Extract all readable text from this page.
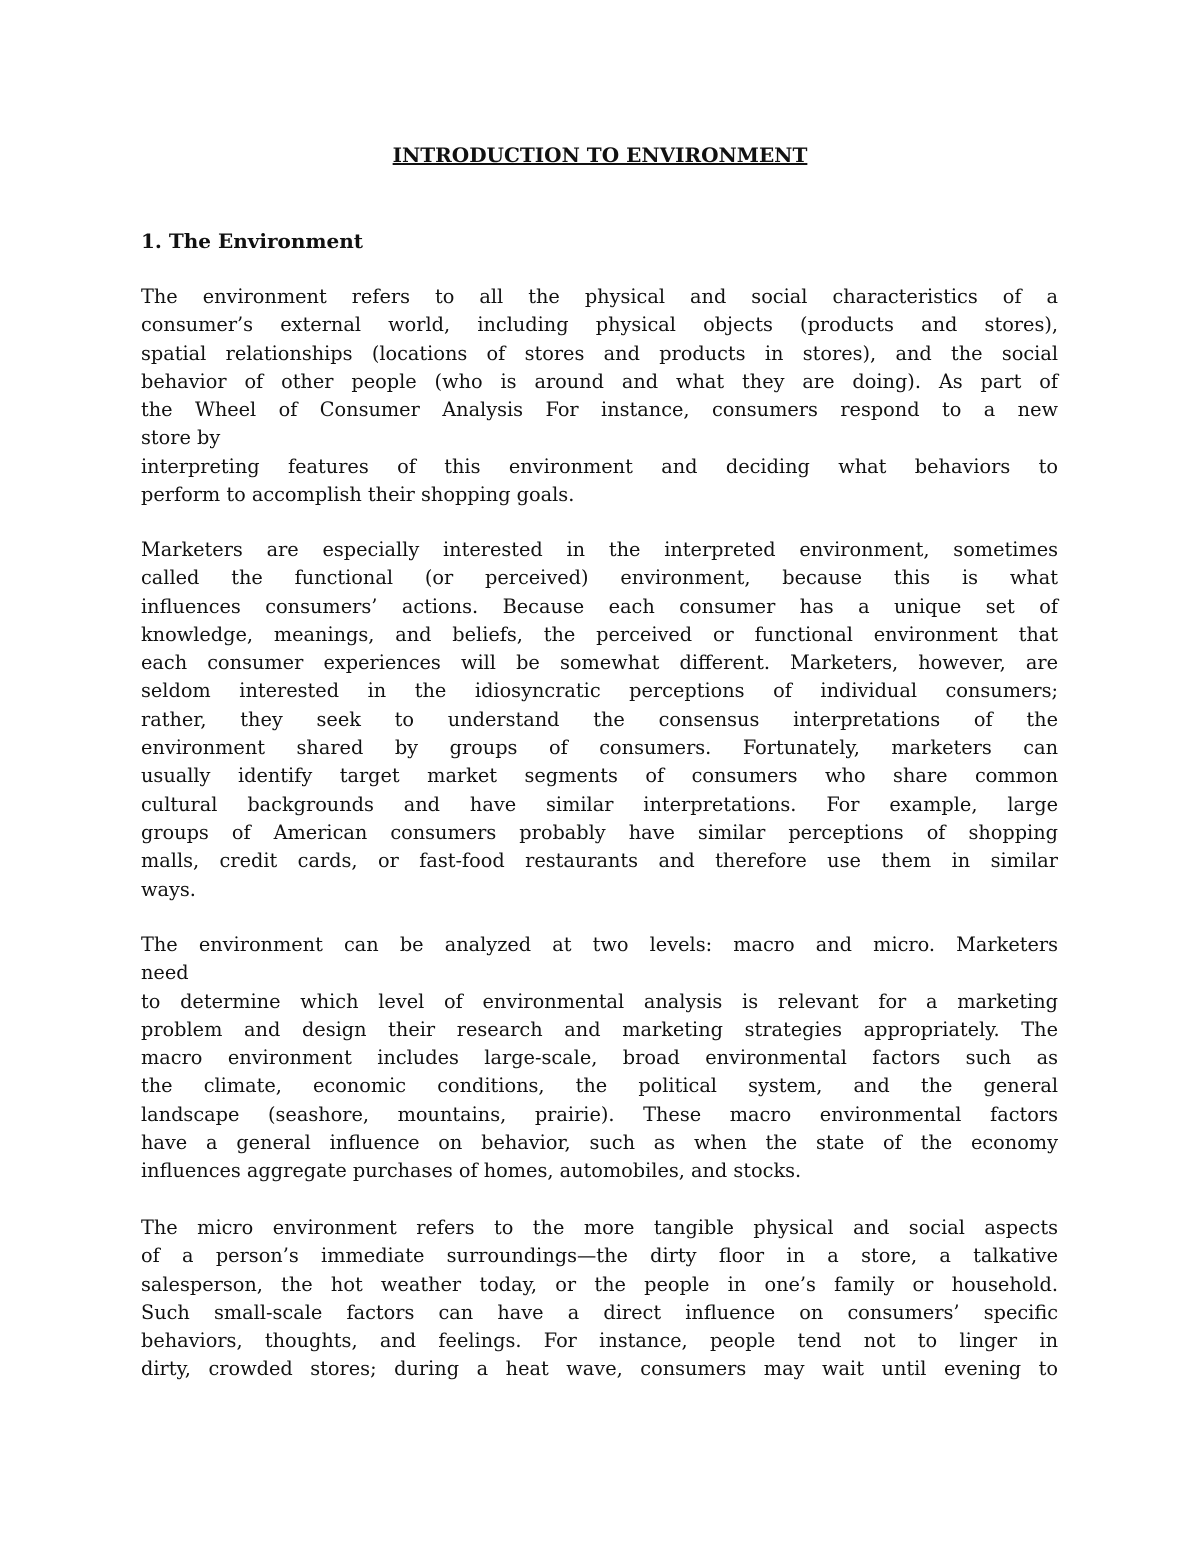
INTRODUCTION TO ENVIRONMENT
1. The Environment
The environment refers to all the physical and social characteristics of a
consumer’s external world, including physical objects (products and stores),
spatial relationships (locations of stores and products in stores), and the social
behavior of other people (who is around and what they are doing). As part of
the Wheel of Consumer Analysis For instance, consumers respond to a new
store by
interpreting features of this environment and deciding what behaviors to
perform to accomplish their shopping goals.
Marketers are especially interested in the interpreted environment, sometimes
called the functional (or perceived) environment, because this is what
influences consumers’ actions. Because each consumer has a unique set of
knowledge, meanings, and beliefs, the perceived or functional environment that
each consumer experiences will be somewhat different. Marketers, however, are
seldom interested in the idiosyncratic perceptions of individual consumers;
rather, they seek to understand the consensus interpretations of the
environment shared by groups of consumers. Fortunately, marketers can
usually identify target market segments of consumers who share common
cultural backgrounds and have similar interpretations. For example, large
groups of American consumers probably have similar perceptions of shopping
malls, credit cards, or fast-food restaurants and therefore use them in similar
ways.
The environment can be analyzed at two levels: macro and micro. Marketers
need
to determine which level of environmental analysis is relevant for a marketing
problem and design their research and marketing strategies appropriately. The
macro environment includes large-scale, broad environmental factors such as
the climate, economic conditions, the political system, and the general
landscape (seashore, mountains, prairie). These macro environmental factors
have a general influence on behavior, such as when the state of the economy
influences aggregate purchases of homes, automobiles, and stocks.
The micro environment refers to the more tangible physical and social aspects
of a person’s immediate surroundings—the dirty floor in a store, a talkative
salesperson, the hot weather today, or the people in one’s family or household.
Such small-scale factors can have a direct influence on consumers’ specific
behaviors, thoughts, and feelings. For instance, people tend not to linger in
dirty, crowded stores; during a heat wave, consumers may wait until evening to
